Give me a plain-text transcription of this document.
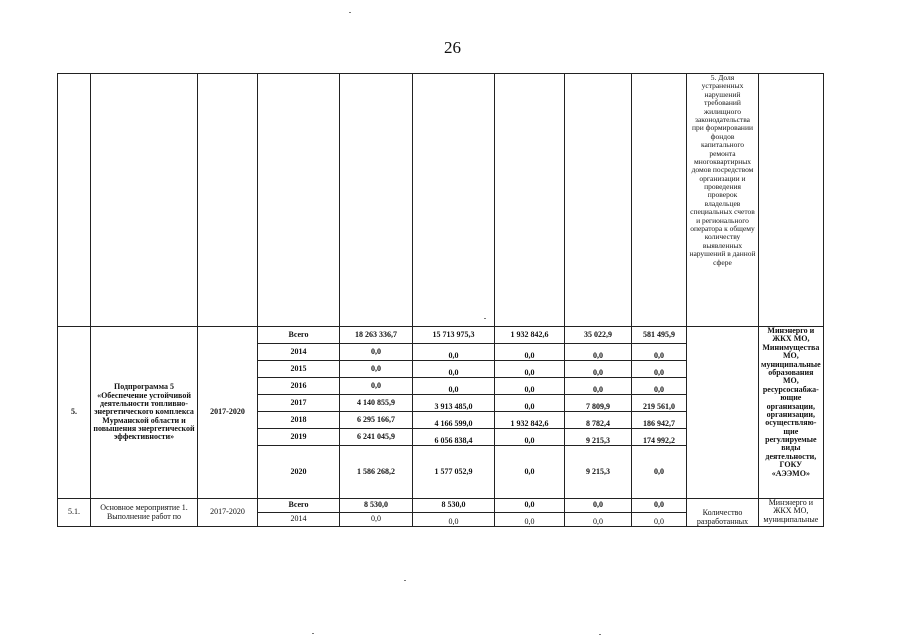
26
									5. Доля устраненных нарушений требований жилищного законодательства при формировании фондов капитального ремонта многоквартирных домов посредством организации и проведения проверок владельцев специальных счетов и регионального оператора к общему количеству выявленных нарушений в данной сфере	
5.	Подпрограмма 5 «Обеспечение устойчивой деятельности топливно-энергетического комплекса Мурманской области и повышения энергетической эффективности»	2017-2020	Всего	18 263 336,7	15 713 975,3	1 932 842,6	35 022,9	581 495,9		Минэнерго и ЖКХ МО, Минимущества МО, муниципальные образования МО, ресурсоснабжа-ющие организации, организации, осуществляю-щие регулируемые виды деятельности, ГОКУ «АЭЭМО»
			2014	0,0	0,0	0,0	0,0	0,0		
			2015	0,0	0,0	0,0	0,0	0,0		
			2016	0,0	0,0	0,0	0,0	0,0		
			2017	4 140 855,9	3 913 485,0	0,0	7 809,9	219 561,0		
			2018	6 295 166,7	4 166 599,0	1 932 842,6	8 782,4	186 942,7		
			2019	6 241 045,9	6 056 838,4	0,0	9 215,3	174 992,2		
			2020	1 586 268,2	1 577 052,9	0,0	9 215,3	0,0		
5.1.	Основное мероприятие 1. Выполнение работ по	2017-2020	Всего	8 530,0	8 530,0	0,0	0,0	0,0	Количество разработанных	Минэнерго и ЖКХ МО, муниципальные
			2014	0,0	0,0	0,0	0,0	0,0		
